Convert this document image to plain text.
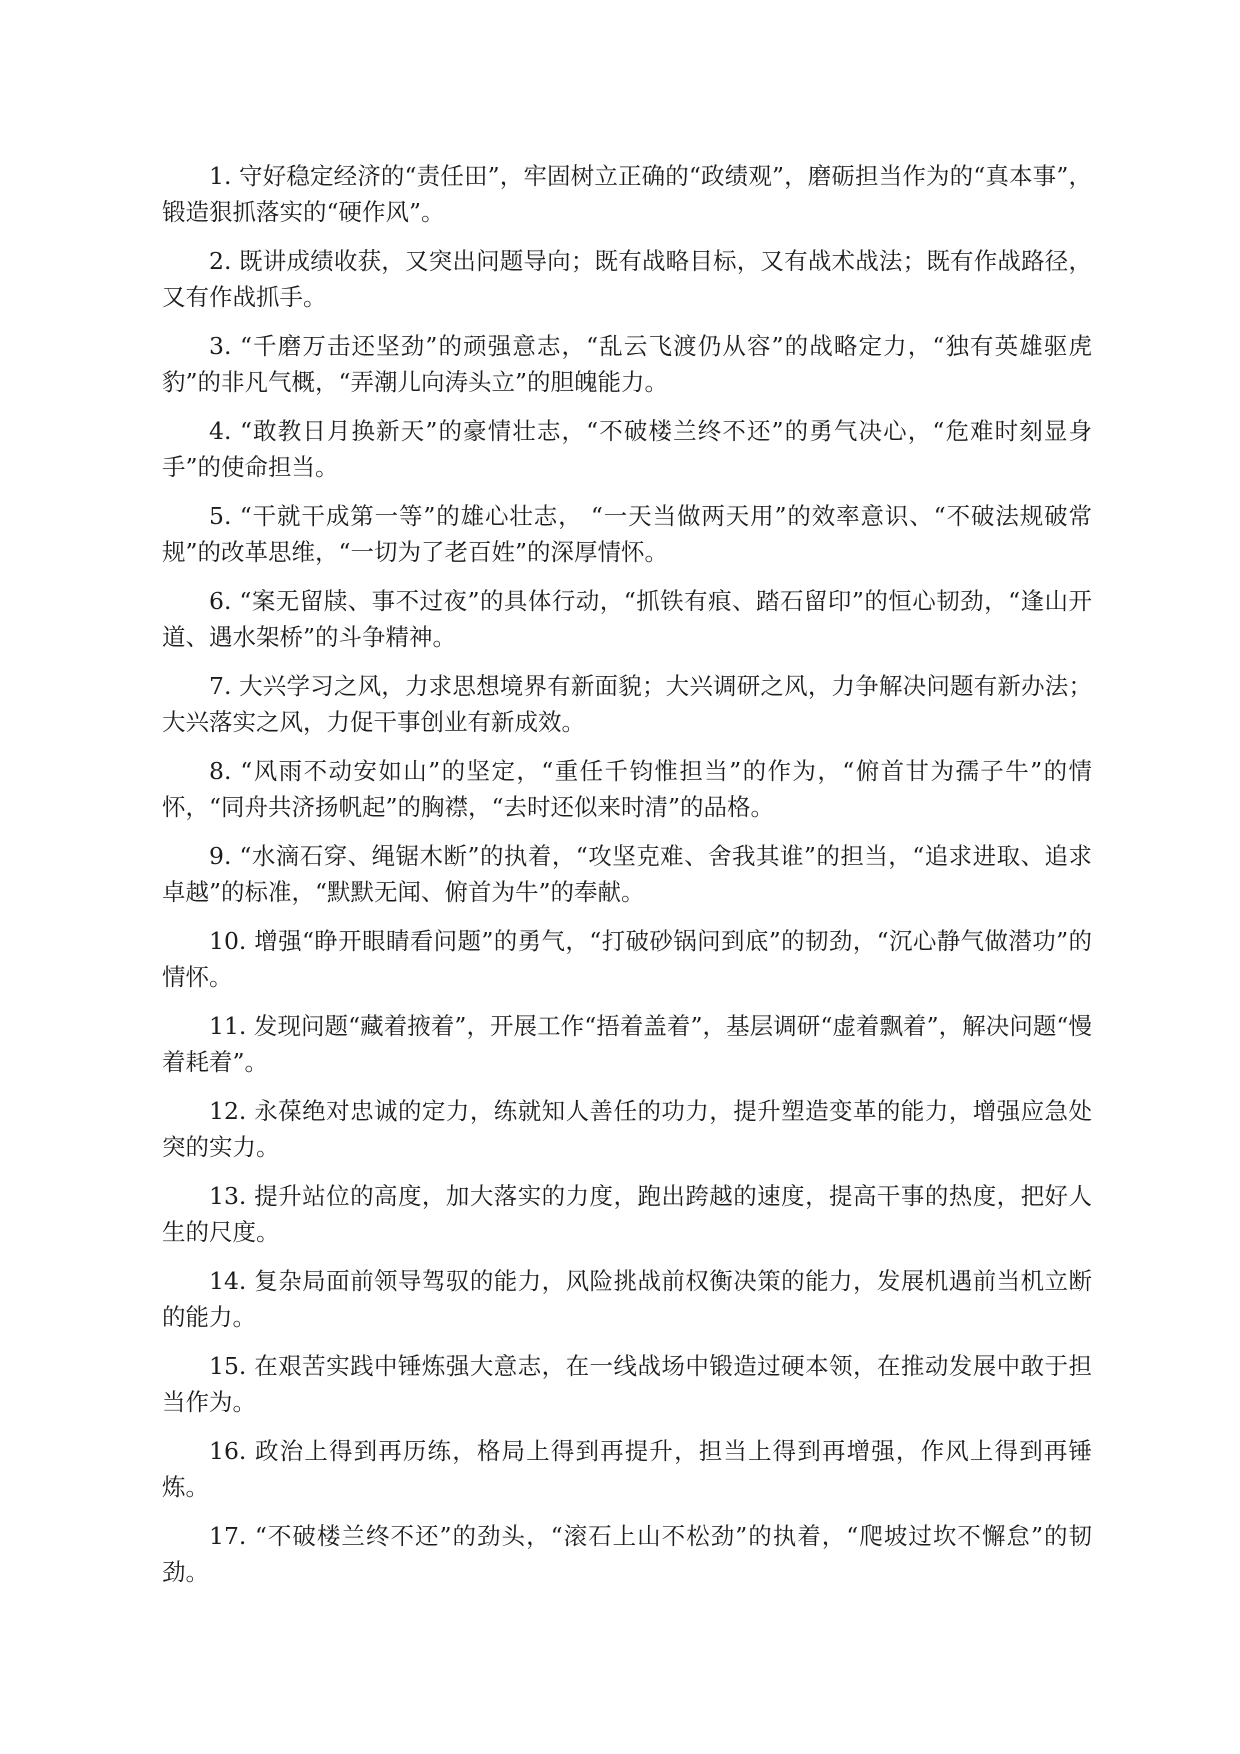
1. 守好稳定经济的“责任田”，牢固树立正确的“政绩观”，磨砺担当作为的“真本事”，锻造狠抓落实的“硬作风”。

2. 既讲成绩收获，又突出问题导向；既有战略目标，又有战术战法；既有作战路径，又有作战抓手。

3. “千磨万击还坚劲”的顽强意志，“乱云飞渡仍从容”的战略定力，“独有英雄驱虎豹”的非凡气概，“弄潮儿向涛头立”的胆魄能力。

4. “敢教日月换新天”的豪情壮志，“不破楼兰终不还”的勇气决心，“危难时刻显身手”的使命担当。

5. “干就干成第一等”的雄心壮志， “一天当做两天用”的效率意识、“不破法规破常规”的改革思维，“一切为了老百姓”的深厚情怀。

6. “案无留牍、事不过夜”的具体行动，“抓铁有痕、踏石留印”的恒心韧劲，“逢山开道、遇水架桥”的斗争精神。

7. 大兴学习之风，力求思想境界有新面貌；大兴调研之风，力争解决问题有新办法；大兴落实之风，力促干事创业有新成效。

8. “风雨不动安如山”的坚定，“重任千钧惟担当”的作为，“俯首甘为孺子牛”的情怀，“同舟共济扬帆起”的胸襟，“去时还似来时清”的品格。

9. “水滴石穿、绳锯木断”的执着，“攻坚克难、舍我其谁”的担当，“追求进取、追求卓越”的标准，“默默无闻、俯首为牛”的奉献。

10. 增强“睁开眼睛看问题”的勇气，“打破砂锅问到底”的韧劲，“沉心静气做潜功”的情怀。

11. 发现问题“藏着掖着”，开展工作“捂着盖着”，基层调研“虚着飘着”，解决问题“慢着耗着”。

12. 永葆绝对忠诚的定力，练就知人善任的功力，提升塑造变革的能力，增强应急处突的实力。

13. 提升站位的高度，加大落实的力度，跑出跨越的速度，提高干事的热度，把好人生的尺度。

14. 复杂局面前领导驾驭的能力，风险挑战前权衡决策的能力，发展机遇前当机立断的能力。

15. 在艰苦实践中锤炼强大意志，在一线战场中锻造过硬本领，在推动发展中敢于担当作为。

16. 政治上得到再历练，格局上得到再提升，担当上得到再增强，作风上得到再锤炼。

17. “不破楼兰终不还”的劲头，“滚石上山不松劲”的执着，“爬坡过坎不懈怠”的韧劲。
